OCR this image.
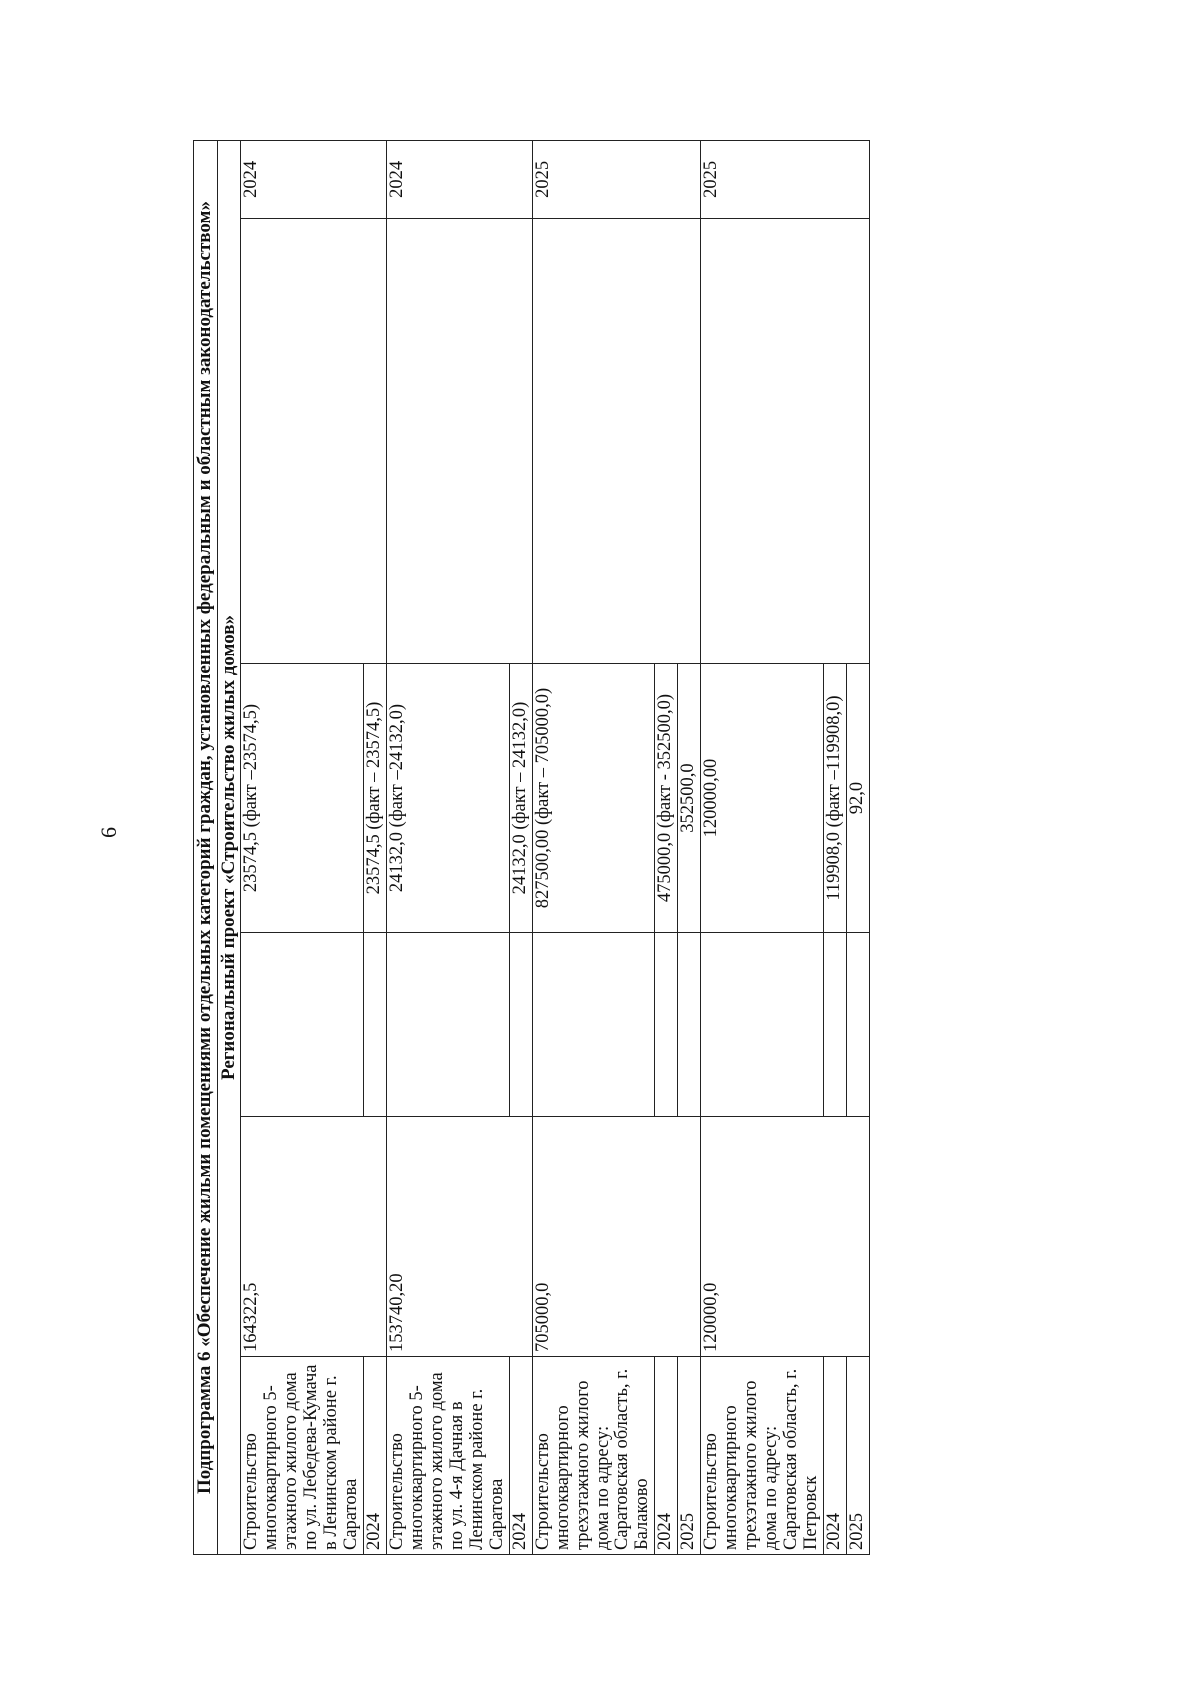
6	Подпрограмма 6 «Обеспечение жильми помещениями отдельных категорий граждан, установленных федеральным и областным законодательством»					
Региональный проект «Строительство жилых домов»					
Строительство многоквартирного 5-этажного жилого дома по ул. Лебедева-Кумача в Ленинском районе г. Саратова	164322,5		23574,5 (факт –23574,5)		2024
2024			23574,5 (факт – 23574,5)		
Строительство многоквартирного 5-этажного жилого дома по ул. 4-я Дачная в Ленинском районе г. Саратова	153740,20		24132,0 (факт –24132,0)		2024
2024			24132,0 (факт – 24132,0)		
Строительство многоквартирного трехэтажного жилого дома по адресу: Саратовская область, г. Балаково	705000,0		827500,00 (факт – 705000,0)		2025
2024			475000,0 (факт - 352500,0)		
2025			352500,0		
Строительство многоквартирного трехэтажного жилого дома по адресу: Саратовская область, г. Петровск	120000,0		120000,00		2025
2024			119908,0 (факт –119908,0)		
2025			92,0		
